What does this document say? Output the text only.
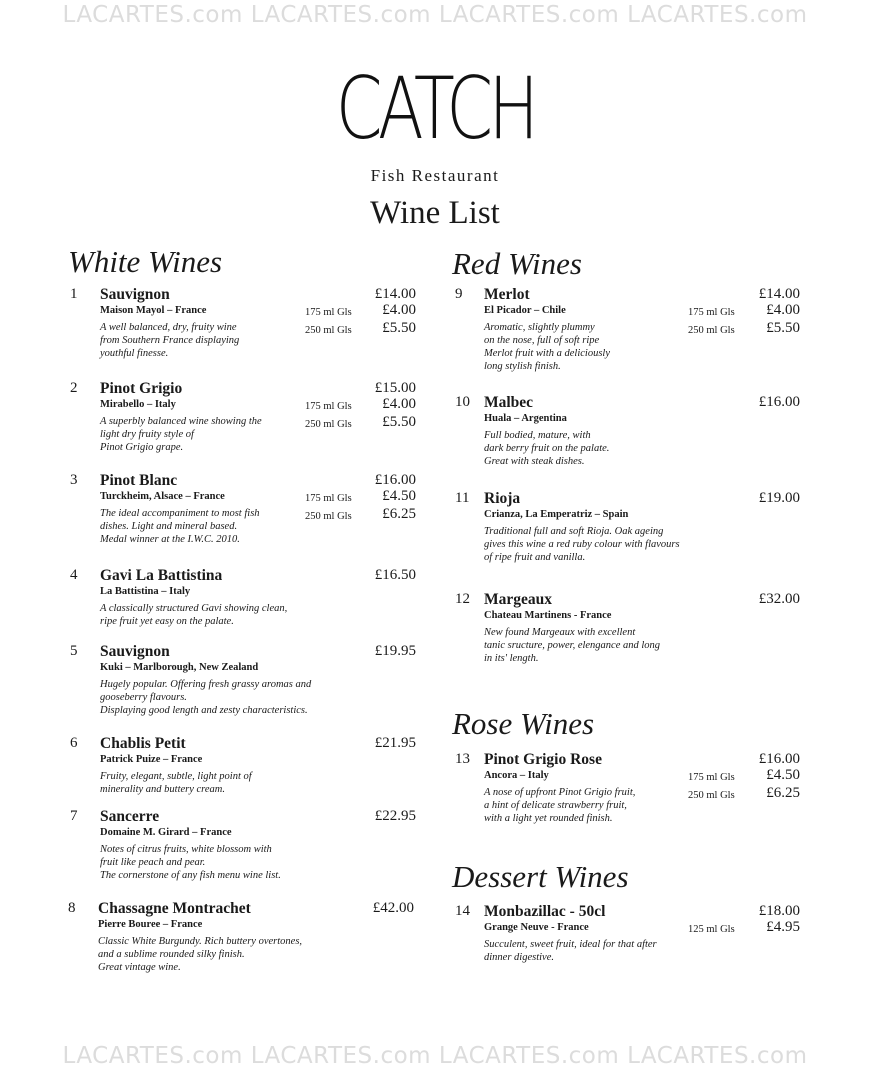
LACARTES.com LACARTES.com LACARTES.com LACARTES.com
CATCH
Fish Restaurant
Wine List
White Wines	Red Wines
Rose Wines
Dessert Wines
1 Sauvignon
Maison Mayol – France
A well balanced, dry, fruity wine
from Southern France displaying
youthful finesse.
£14.00
175 ml Gls	£4.00
250 ml Gls	£5.50
2 Pinot Grigio
Mirabello – Italy
A superbly balanced wine showing the
light dry fruity style of
Pinot Grigio grape.
£15.00
175 ml Gls	£4.00
250 ml Gls	£5.50
3 Pinot Blanc
Turckheim, Alsace – France
The ideal accompaniment to most fish
dishes. Light and mineral based.
Medal winner at the I.W.C. 2010.
£16.00
175 ml Gls	£4.50
250 ml Gls	£6.25
4 Gavi La Battistina
La Battistina – Italy
A classically structured Gavi showing clean,
ripe fruit yet easy on the palate.
£16.50
5 Sauvignon
Kuki – Marlborough, New Zealand
Hugely popular. Offering fresh grassy aromas and
gooseberry flavours.
Displaying good length and zesty characteristics.
£19.95
6 Chablis Petit
Patrick Puize – France
Fruity, elegant, subtle, light point of
minerality and buttery cream.
£21.95
7 Sancerre
Domaine M. Girard – France
Notes of citrus fruits, white blossom with
fruit like peach and pear.
The cornerstone of any fish menu wine list.
£22.95
8 Chassagne Montrachet
Pierre Bouree – France
Classic White Burgundy. Rich buttery overtones,
and a sublime rounded silky finish.
Great vintage wine.
£42.00
9 Merlot
El Picador – Chile
Aromatic, slightly plummy
on the nose, full of soft ripe
Merlot fruit with a deliciously
long stylish finish.
£14.00
175 ml Gls	£4.00
250 ml Gls	£5.50
10 Malbec
Huala – Argentina
Full bodied, mature, with
dark berry fruit on the palate.
Great with steak dishes.
£16.00
11 Rioja
Crianza, La Emperatriz – Spain
Traditional full and soft Rioja. Oak ageing
gives this wine a red ruby colour with flavours
of ripe fruit and vanilla.
£19.00
12 Margeaux
Chateau Martinens - France
New found Margeaux with excellent
tanic sructure, power, elengance and long
in its' length.
£32.00
13 Pinot Grigio Rose
Ancora – Italy
A nose of upfront Pinot Grigio fruit,
a hint of delicate strawberry fruit,
with a light yet rounded finish.
£16.00
175 ml Gls	£4.50
250 ml Gls	£6.25
14 Monbazillac - 50cl
Grange Neuve - France
Succulent, sweet fruit, ideal for that after
dinner digestive.
£18.00
125 ml Gls	£4.95
LACARTES.com LACARTES.com LACARTES.com LACARTES.com
